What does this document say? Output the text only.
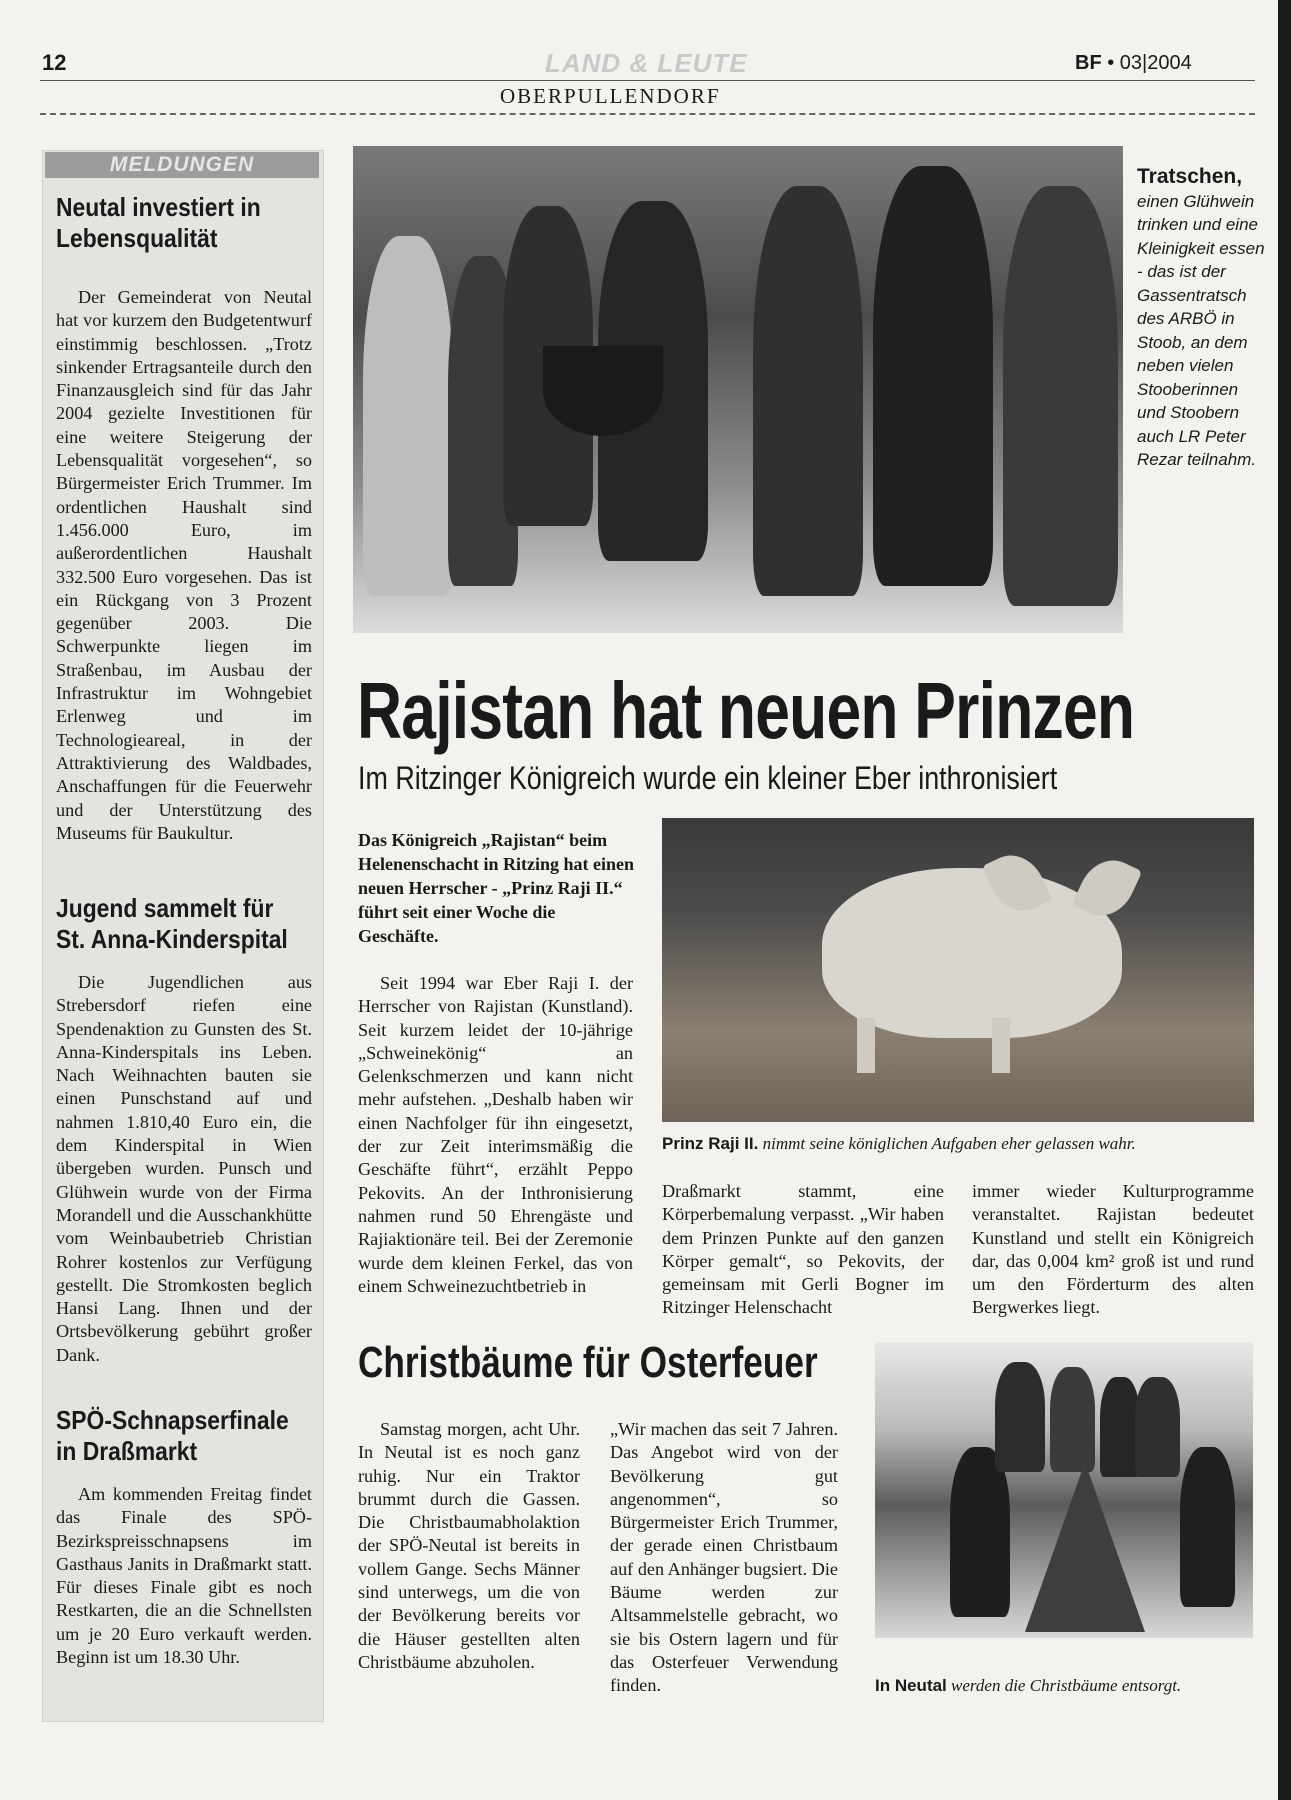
12	LAND & LEUTE	BF • 03|2004
OBERPULLENDORF
MELDUNGEN
Neutal investiert in Lebensqualität

Der Gemeinderat von Neutal hat vor kurzem den Budgetentwurf einstimmig beschlossen. „Trotz sinkender Ertragsanteile durch den Finanzausgleich sind für das Jahr 2004 gezielte Investitionen für eine weitere Steigerung der Lebensqualität vorgesehen“, so Bürgermeister Erich Trummer. Im ordentlichen Haushalt sind 1.456.000 Euro, im außerordentlichen Haushalt 332.500 Euro vorgesehen. Das ist ein Rückgang von 3 Prozent gegenüber 2003. Die Schwerpunkte liegen im Straßenbau, im Ausbau der Infrastruktur im Wohngebiet Erlenweg und im Technologieareal, in der Attraktivierung des Waldbades, Anschaffungen für die Feuerwehr und der Unterstützung des Museums für Baukultur.

Jugend sammelt für St. Anna-Kinderspital

Die Jugendlichen aus Strebersdorf riefen eine Spendenaktion zu Gunsten des St. Anna-Kinderspitals ins Leben. Nach Weihnachten bauten sie einen Punschstand auf und nahmen 1.810,40 Euro ein, die dem Kinderspital in Wien übergeben wurden. Punsch und Glühwein wurde von der Firma Morandell und die Ausschankhütte vom Weinbaubetrieb Christian Rohrer kostenlos zur Verfügung gestellt. Die Stromkosten beglich Hansi Lang. Ihnen und der Ortsbevölkerung gebührt großer Dank.

SPÖ-Schnapserfinale in Draßmarkt

Am kommenden Freitag findet das Finale des SPÖ-Bezirkspreisschnapsens im Gasthaus Janits in Draßmarkt statt. Für dieses Finale gibt es noch Restkarten, die an die Schnellsten um je 20 Euro verkauft werden. Beginn ist um 18.30 Uhr.

Tratschen, einen Glühwein trinken und eine Kleinigkeit essen - das ist der Gassentratsch des ARBÖ in Stoob, an dem neben vielen Stooberinnen und Stoobern auch LR Peter Rezar teilnahm.
Rajistan hat neuen Prinzen
Im Ritzinger Königreich wurde ein kleiner Eber inthronisiert
Das Königreich „Rajistan“ beim Helenenschacht in Ritzing hat einen neuen Herrscher - „Prinz Raji II.“ führt seit einer Woche die Geschäfte.

Seit 1994 war Eber Raji I. der Herrscher von Rajistan (Kunstland). Seit kurzem leidet der 10-jährige „Schweinekönig“ an Gelenkschmerzen und kann nicht mehr aufstehen. „Deshalb haben wir einen Nachfolger für ihn eingesetzt, der zur Zeit interimsmäßig die Geschäfte führt“, erzählt Peppo Pekovits. An der Inthronisierung nahmen rund 50 Ehrengäste und Rajiaktionäre teil. Bei der Zeremonie wurde dem kleinen Ferkel, das von einem Schweinezuchtbetrieb in

Prinz Raji II. nimmt seine königlichen Aufgaben eher gelassen wahr.

Draßmarkt stammt, eine Körperbemalung verpasst. „Wir haben dem Prinzen Punkte auf den ganzen Körper gemalt“, so Pekovits, der gemeinsam mit Gerli Bogner im Ritzinger Helenschacht

immer wieder Kulturprogramme veranstaltet. Rajistan bedeutet Kunstland und stellt ein Königreich dar, das 0,004 km² groß ist und rund um den Förderturm des alten Bergwerkes liegt.

Christbäume für Osterfeuer

Samstag morgen, acht Uhr. In Neutal ist es noch ganz ruhig. Nur ein Traktor brummt durch die Gassen. Die Christbaumabholaktion der SPÖ-Neutal ist bereits in vollem Gange. Sechs Männer sind unterwegs, um die von der Bevölkerung bereits vor die Häuser gestellten alten Christbäume abzuholen.

„Wir machen das seit 7 Jahren. Das Angebot wird von der Bevölkerung gut angenommen“, so Bürgermeister Erich Trummer, der gerade einen Christbaum auf den Anhänger bugsiert. Die Bäume werden zur Altsammelstelle gebracht, wo sie bis Ostern lagern und für das Osterfeuer Verwendung finden.	In Neutal werden die Christbäume entsorgt.
